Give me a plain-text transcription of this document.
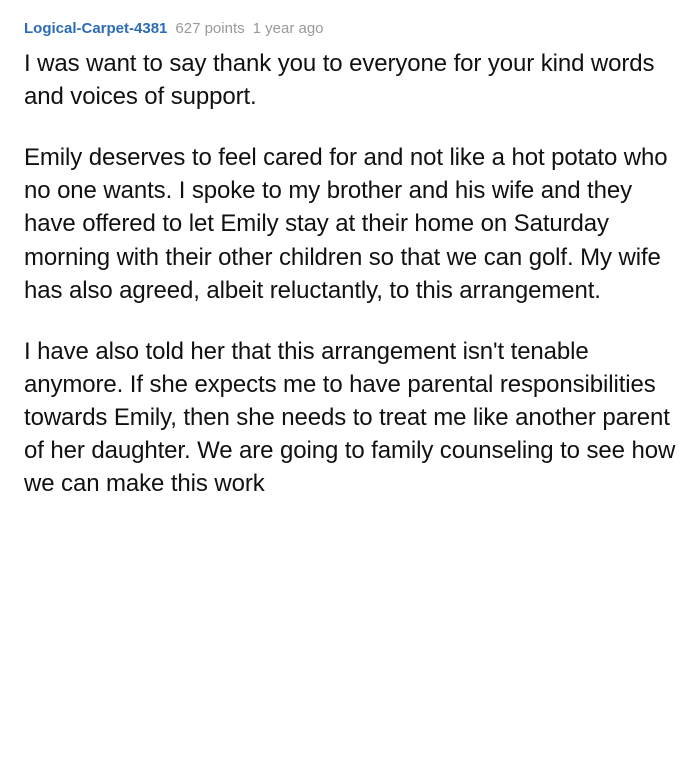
Logical-Carpet-4381 627 points 1 year ago

I was want to say thank you to everyone for your kind words and voices of support.

Emily deserves to feel cared for and not like a hot potato who no one wants. I spoke to my brother and his wife and they have offered to let Emily stay at their home on Saturday morning with their other children so that we can golf. My wife has also agreed, albeit reluctantly, to this arrangement.

I have also told her that this arrangement isn't tenable anymore. If she expects me to have parental responsibilities towards Emily, then she needs to treat me like another parent of her daughter. We are going to family counseling to see how we can make this work
